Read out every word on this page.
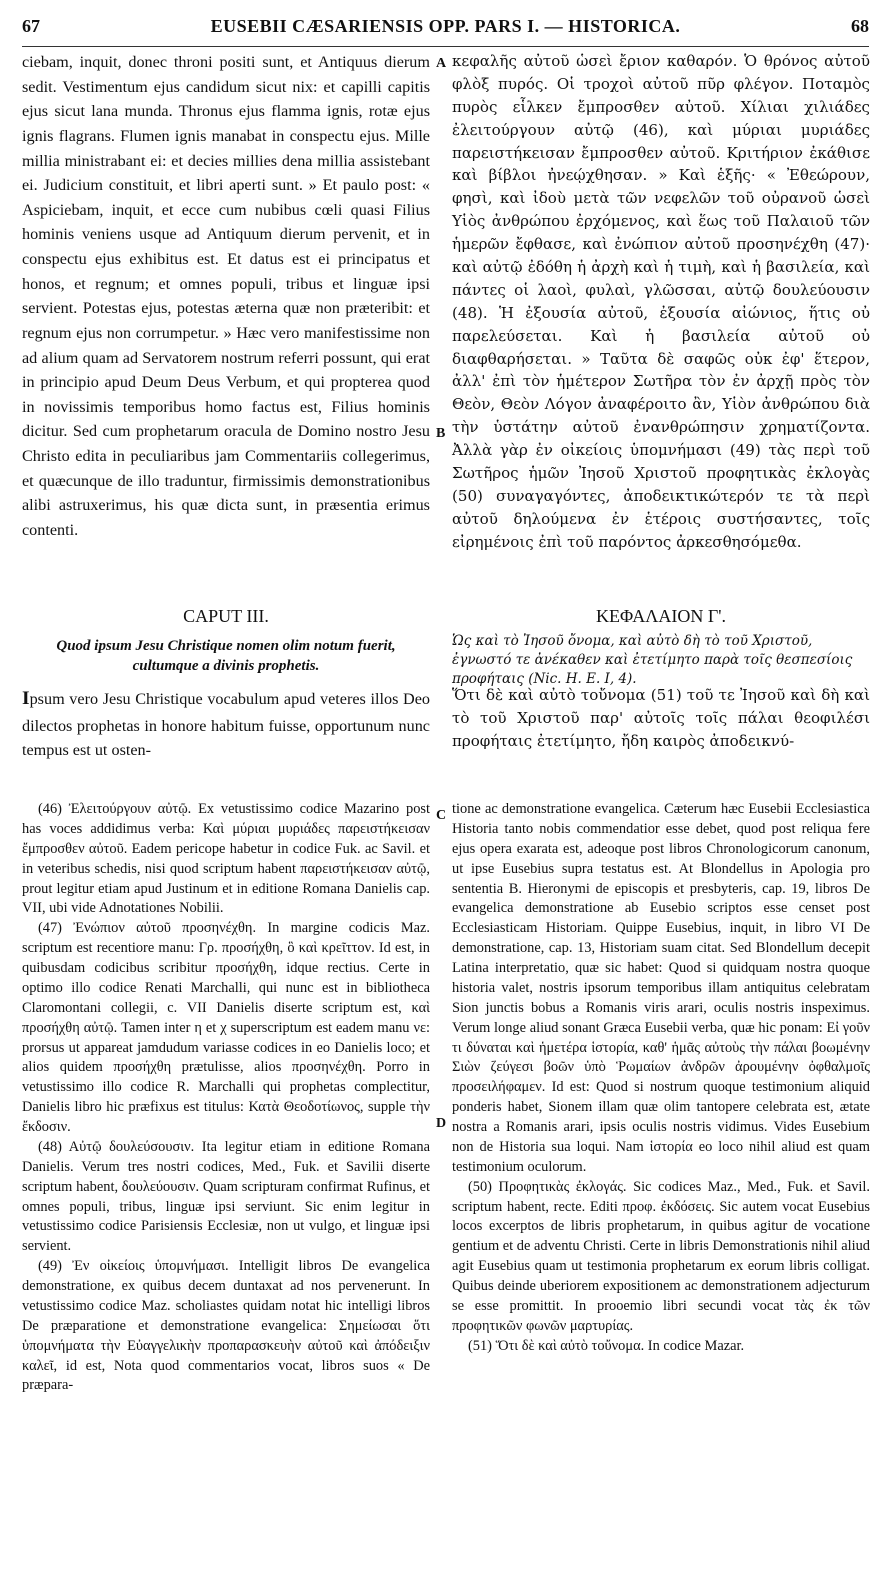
67	EUSEBII CÆSARIENSIS OPP. PARS I. — HISTORICA.	68

ciebam, inquit, donec throni positi sunt, et Antiquus dierum sedit. Vestimentum ejus candidum sicut nix: et capilli capitis ejus sicut lana munda. Thronus ejus flamma ignis, rotæ ejus ignis flagrans. Flumen ignis manabat in conspectu ejus. Mille millia ministrabant ei: et decies millies dena millia assistebant ei. Judicium constituit, et libri aperti sunt. » Et paulo post: « Aspiciebam, inquit, et ecce cum nubibus cœli quasi Filius hominis veniens usque ad Antiquum dierum pervenit, et in conspectu ejus exhibitus est. Et datus est ei principatus et honos, et regnum; et omnes populi, tribus et linguæ ipsi servient. Potestas ejus, potestas æterna quæ non præteribit: et regnum ejus non corrumpetur. » Hæc vero manifestissime non ad alium quam ad Servatorem nostrum referri possunt, qui erat in principio apud Deum Deus Verbum, et qui propterea quod in novissimis temporibus homo factus est, Filius hominis dicitur. Sed cum prophetarum oracula de Domino nostro Jesu Christo edita in peculiaribus jam Commentariis collegerimus, et quæcunque de illo traduntur, firmissimis demonstrationibus alibi astruxerimus, his quæ dicta sunt, in præsentia erimus contenti.

A
B

κεφαλῆς αὐτοῦ ὡσεὶ ἔριον καθαρόν. Ὁ θρόνος αὐτοῦ φλὸξ πυρός. Οἱ τροχοὶ αὐτοῦ πῦρ φλέγον. Ποταμὸς πυρὸς εἷλκεν ἔμπροσθεν αὐτοῦ. Χίλιαι χιλιάδες ἐλειτούργουν αὐτῷ (46), καὶ μύριαι μυριάδες παρειστήκεισαν ἔμπροσθεν αὐτοῦ. Κριτήριον ἐκάθισε καὶ βίβλοι ἠνεῴχθησαν. » Καὶ ἑξῆς· « Ἐθεώρουν, φησὶ, καὶ ἰδοὺ μετὰ τῶν νεφελῶν τοῦ οὐρανοῦ ὡσεὶ Υἱὸς ἀνθρώπου ἐρχόμενος, καὶ ἕως τοῦ Παλαιοῦ τῶν ἡμερῶν ἔφθασε, καὶ ἐνώπιον αὐτοῦ προσηνέχθη (47)· καὶ αὐτῷ ἐδόθη ἡ ἀρχὴ καὶ ἡ τιμὴ, καὶ ἡ βασιλεία, καὶ πάντες οἱ λαοὶ, φυλαὶ, γλῶσσαι, αὐτῷ δουλεύουσιν (48). Ἡ ἐξουσία αὐτοῦ, ἐξουσία αἰώνιος, ἥτις οὐ παρελεύσεται. Καὶ ἡ βασιλεία αὐτοῦ οὐ διαφθαρήσεται. » Ταῦτα δὲ σαφῶς οὐκ ἐφ' ἕτερον, ἀλλ' ἐπὶ τὸν ἡμέτερον Σωτῆρα τὸν ἐν ἀρχῇ πρὸς τὸν Θεὸν, Θεὸν Λόγον ἀναφέροιτο ἂν, Υἱὸν ἀνθρώπου διὰ τὴν ὑστάτην αὐτοῦ ἐνανθρώπησιν χρηματίζοντα. Ἀλλὰ γὰρ ἐν οἰκείοις ὑπομνήμασι (49) τὰς περὶ τοῦ Σωτῆρος ἡμῶν Ἰησοῦ Χριστοῦ προφητικὰς ἐκλογὰς (50) συναγαγόντες, ἀποδεικτικώτερόν τε τὰ περὶ αὐτοῦ δηλούμενα ἐν ἑτέροις συστήσαντες, τοῖς εἰρημένοις ἐπὶ τοῦ παρόντος ἀρκεσθησόμεθα.

CAPUT III.	ΚΕΦΑΛΑΙΟΝ Γ'.
Quod ipsum Jesu Christique nomen olim notum fuerit, cultumque a divinis prophetis.
Ὡς καὶ τὸ Ἰησοῦ ὄνομα, καὶ αὐτὸ δὴ τὸ τοῦ Χριστοῦ, ἐγνωστό τε ἀνέκαθεν καὶ ἐτετίμητο παρὰ τοῖς θεσπεσίοις προφήταις (Nic. H. E. I, 4).

Ipsum vero Jesu Christique vocabulum apud veteres illos Deo dilectos prophetas in honore habitum fuisse, opportunum nunc tempus est ut osten-

Ὅτι δὲ καὶ αὐτὸ τοὔνομα (51) τοῦ τε Ἰησοῦ καὶ δὴ καὶ τὸ τοῦ Χριστοῦ παρ' αὐτοῖς τοῖς πάλαι θεοφιλέσι προφήταις ἐτετίμητο, ἤδη καιρὸς ἀποδεικνύ-

C
D

(46) Ἐλειτούργουν αὐτῷ. Ex vetustissimo codice Mazarino post has voces addidimus verba: Καὶ μύριαι μυριάδες παρειστήκεισαν ἔμπροσθεν αὐτοῦ. Eadem pericope habetur in codice Fuk. ac Savil. et in veteribus schedis, nisi quod scriptum habent παρειστήκεισαν αὐτῷ, prout legitur etiam apud Justinum et in editione Romana Danielis cap. VII, ubi vide Adnotationes Nobilii.

(47) Ἐνώπιον αὐτοῦ προσηνέχθη. In margine codicis Maz. scriptum est recentiore manu: Γρ. προσήχθη, ὃ καὶ κρεῖττον. Id est, in quibusdam codicibus scribitur προσήχθη, idque rectius. Certe in optimo illo codice Renati Marchalli, qui nunc est in bibliotheca Claromontani collegii, c. VII Danielis diserte scriptum est, καὶ προσήχθη αὐτῷ. Tamen inter η et χ superscriptum est eadem manu νε: prorsus ut appareat jamdudum variasse codices in eo Danielis loco; et alios quidem προσήχθη prætulisse, alios προσηνέχθη. Porro in vetustissimo illo codice R. Marchalli qui prophetas complectitur, Danielis libro hic præfixus est titulus: Κατὰ Θεοδοτίωνος, supple τὴν ἔκδοσιν.

(48) Αὐτῷ δουλεύσουσιν. Ita legitur etiam in editione Romana Danielis. Verum tres nostri codices, Med., Fuk. et Savilii diserte scriptum habent, δουλεύουσιν. Quam scripturam confirmat Rufinus, et omnes populi, tribus, linguæ ipsi serviunt. Sic enim legitur in vetustissimo codice Parisiensis Ecclesiæ, non ut vulgo, et linguæ ipsi servient.

(49) Ἐν οἰκείοις ὑπομνήμασι. Intelligit libros De evangelica demonstratione, ex quibus decem duntaxat ad nos pervenerunt. In vetustissimo codice Maz. scholiastes quidam notat hic intelligi libros De præparatione et demonstratione evangelica: Σημείωσαι ὅτι ὑπομνήματα τὴν Εὐαγγελικὴν προπαρασκευὴν αὐτοῦ καὶ ἀπόδειξιν καλεῖ, id est, Nota quod commentarios vocat, libros suos « De præpara-

tione ac demonstratione evangelica. Cæterum hæc Eusebii Ecclesiastica Historia tanto nobis commendatior esse debet, quod post reliqua fere ejus opera exarata est, adeoque post libros Chronologicorum canonum, ut ipse Eusebius supra testatus est. At Blondellus in Apologia pro sententia B. Hieronymi de episcopis et presbyteris, cap. 19, libros De evangelica demonstratione ab Eusebio scriptos esse censet post Ecclesiasticam Historiam. Quippe Eusebius, inquit, in libro VI De demonstratione, cap. 13, Historiam suam citat. Sed Blondellum decepit Latina interpretatio, quæ sic habet: Quod si quidquam nostra quoque historia valet, nostris ipsorum temporibus illam antiquitus celebratam Sion junctis bobus a Romanis viris arari, oculis nostris inspeximus. Verum longe aliud sonant Græca Eusebii verba, quæ hic ponam: Εἰ γοῦν τι δύναται καὶ ἡμετέρα ἱστορία, καθ' ἡμᾶς αὐτοὺς τὴν πάλαι βοωμένην Σιὼν ζεύγεσι βοῶν ὑπὸ Ῥωμαίων ἀνδρῶν ἀρουμένην ὀφθαλμοῖς προσειλήφαμεν. Id est: Quod si nostrum quoque testimonium aliquid ponderis habet, Sionem illam quæ olim tantopere celebrata est, ætate nostra a Romanis arari, ipsis oculis nostris vidimus. Vides Eusebium non de Historia sua loqui. Nam ἱστορία eo loco nihil aliud est quam testimonium oculorum.

(50) Προφητικὰς ἐκλογάς. Sic codices Maz., Med., Fuk. et Savil. scriptum habent, recte. Editi προφ. ἐκδόσεις. Sic autem vocat Eusebius locos excerptos de libris prophetarum, in quibus agitur de vocatione gentium et de adventu Christi. Certe in libris Demonstrationis nihil aliud agit Eusebius quam ut testimonia prophetarum ex eorum libris colligat. Quibus deinde uberiorem expositionem ac demonstrationem adjecturum se esse promittit. In prooemio libri secundi vocat τὰς ἐκ τῶν προφητικῶν φωνῶν μαρτυρίας.

(51) Ὅτι δὲ καὶ αὐτὸ τοὔνομα. In codice Mazar.
